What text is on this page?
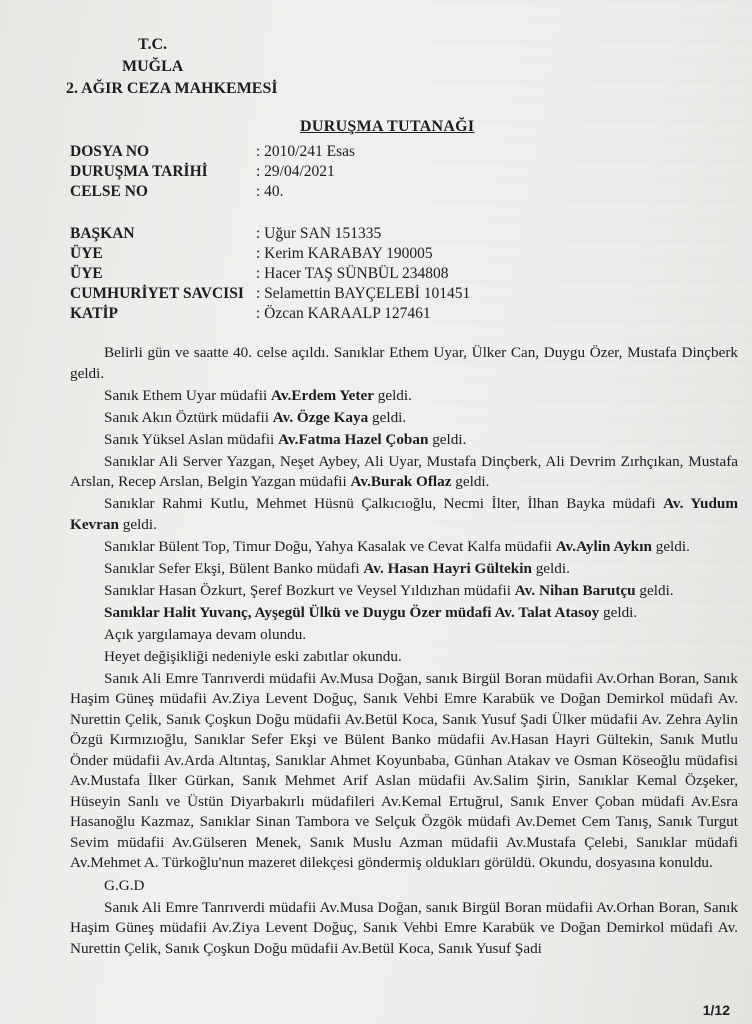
T.C.
MUĞLA
2. AĞIR CEZA MAHKEMESİ
DURUŞMA TUTANAĞI
DOSYA NO	: 2010/241 Esas
DURUŞMA TARİHİ	: 29/04/2021
CELSE NO	: 40.
BAŞKAN	: Uğur SAN 151335
ÜYE	: Kerim KARABAY 190005
ÜYE	: Hacer TAŞ SÜNBÜL 234808
CUMHURİYET SAVCISI : Selamettin BAYÇELEBİ 101451
KATİP	: Özcan KARAALP 127461

Belirli gün ve saatte 40. celse açıldı. Sanıklar Ethem Uyar, Ülker Can, Duygu Özer, Mustafa Dinçberk geldi.

Sanık Ethem Uyar müdafii Av.Erdem Yeter geldi.

Sanık Akın Öztürk müdafii Av. Özge Kaya geldi.

Sanık Yüksel Aslan müdafii Av.Fatma Hazel Çoban geldi.

Sanıklar Ali Server Yazgan, Neşet Aybey, Ali Uyar, Mustafa Dinçberk, Ali Devrim Zırhçıkan, Mustafa Arslan, Recep Arslan, Belgin Yazgan müdafii Av.Burak Oflaz geldi.

Sanıklar Rahmi Kutlu, Mehmet Hüsnü Çalkıcıoğlu, Necmi İlter, İlhan Bayka müdafi Av. Yudum Kevran geldi.

Sanıklar Bülent Top, Timur Doğu, Yahya Kasalak ve Cevat Kalfa müdafii Av.Aylin Aykın geldi.

Sanıklar Sefer Ekşi, Bülent Banko müdafi Av. Hasan Hayri Gültekin geldi.

Sanıklar Hasan Özkurt, Şeref Bozkurt ve Veysel Yıldızhan müdafii Av. Nihan Barutçu geldi.

Sanıklar Halit Yuvanç, Ayşegül Ülkü ve Duygu Özer müdafi Av. Talat Atasoy geldi.

Açık yargılamaya devam olundu.

Heyet değişikliği nedeniyle eski zabıtlar okundu.

Sanık Ali Emre Tanrıverdi müdafii Av.Musa Doğan, sanık Birgül Boran müdafii Av.Orhan Boran, Sanık Haşim Güneş müdafii Av.Ziya Levent Doğuç, Sanık Vehbi Emre Karabük ve Doğan Demirkol müdafi Av. Nurettin Çelik, Sanık Çoşkun Doğu müdafii Av.Betül Koca, Sanık Yusuf Şadi Ülker müdafii Av. Zehra Aylin Özgü Kırmızıoğlu, Sanıklar Sefer Ekşi ve Bülent Banko müdafii Av.Hasan Hayri Gültekin, Sanık Mutlu Önder müdafii Av.Arda Altıntaş, Sanıklar Ahmet Koyunbaba, Günhan Atakav ve Osman Köseoğlu müdafisi Av.Mustafa İlker Gürkan, Sanık Mehmet Arif Aslan müdafii Av.Salim Şirin, Sanıklar Kemal Özşeker, Hüseyin Sanlı ve Üstün Diyarbakırlı müdafileri Av.Kemal Ertuğrul, Sanık Enver Çoban müdafi Av.Esra Hasanoğlu Kazmaz, Sanıklar Sinan Tambora ve Selçuk Özgök müdafi Av.Demet Cem Tanış, Sanık Turgut Sevim müdafii Av.Gülseren Menek, Sanık Muslu Azman müdafii Av.Mustafa Çelebi, Sanıklar müdafi Av.Mehmet A. Türkoğlu'nun mazeret dilekçesi göndermiş oldukları görüldü. Okundu, dosyasına konuldu.

G.G.D

Sanık Ali Emre Tanrıverdi müdafii Av.Musa Doğan, sanık Birgül Boran müdafii Av.Orhan Boran, Sanık Haşim Güneş müdafii Av.Ziya Levent Doğuç, Sanık Vehbi Emre Karabük ve Doğan Demirkol müdafi Av. Nurettin Çelik, Sanık Çoşkun Doğu müdafii Av.Betül Koca, Sanık Yusuf Şadi

1/12
